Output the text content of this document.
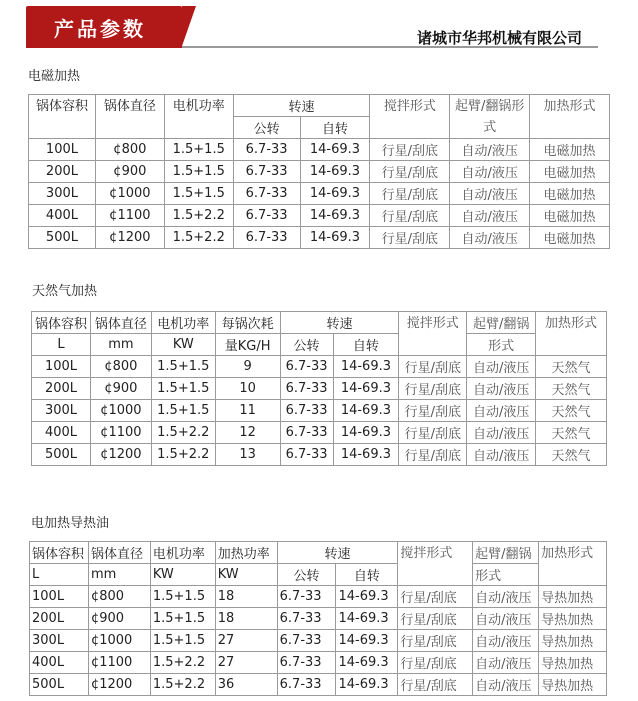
产品参数	诸城市华邦机械有限公司
电磁加热
锅体容积	锅体直径	电机功率	转速		搅拌形式	起臂/翻锅形式	加热形式
			公转	自转			
100L	¢800	1.5+1.5	6.7-33	14-69.3	行星/刮底	自动/液压	电磁加热
200L	¢900	1.5+1.5	6.7-33	14-69.3	行星/刮底	自动/液压	电磁加热
300L	¢1000	1.5+1.5	6.7-33	14-69.3	行星/刮底	自动/液压	电磁加热
400L	¢1100	1.5+2.2	6.7-33	14-69.3	行星/刮底	自动/液压	电磁加热
500L	¢1200	1.5+2.2	6.7-33	14-69.3	行星/刮底	自动/液压	电磁加热
天然气加热
锅体容积	锅体直径	电机功率	每锅次耗	转速		搅拌形式	起臂/翻锅	加热形式
L	mm	KW	量KG/H	公转	自转		形式	
100L	¢800	1.5+1.5	9	6.7-33	14-69.3	行星/刮底	自动/液压	天然气
200L	¢900	1.5+1.5	10	6.7-33	14-69.3	行星/刮底	自动/液压	天然气
300L	¢1000	1.5+1.5	11	6.7-33	14-69.3	行星/刮底	自动/液压	天然气
400L	¢1100	1.5+2.2	12	6.7-33	14-69.3	行星/刮底	自动/液压	天然气
500L	¢1200	1.5+2.2	13	6.7-33	14-69.3	行星/刮底	自动/液压	天然气
电加热导热油
锅体容积	锅体直径	电机功率	加热功率	转速		搅拌形式	起臂/翻锅	加热形式
L	mm	KW	KW	公转	自转		形式	
100L	¢800	1.5+1.5	18	6.7-33	14-69.3	行星/刮底	自动/液压	导热加热
200L	¢900	1.5+1.5	18	6.7-33	14-69.3	行星/刮底	自动/液压	导热加热
300L	¢1000	1.5+1.5	27	6.7-33	14-69.3	行星/刮底	自动/液压	导热加热
400L	¢1100	1.5+2.2	27	6.7-33	14-69.3	行星/刮底	自动/液压	导热加热
500L	¢1200	1.5+2.2	36	6.7-33	14-69.3	行星/刮底	自动/液压	导热加热
